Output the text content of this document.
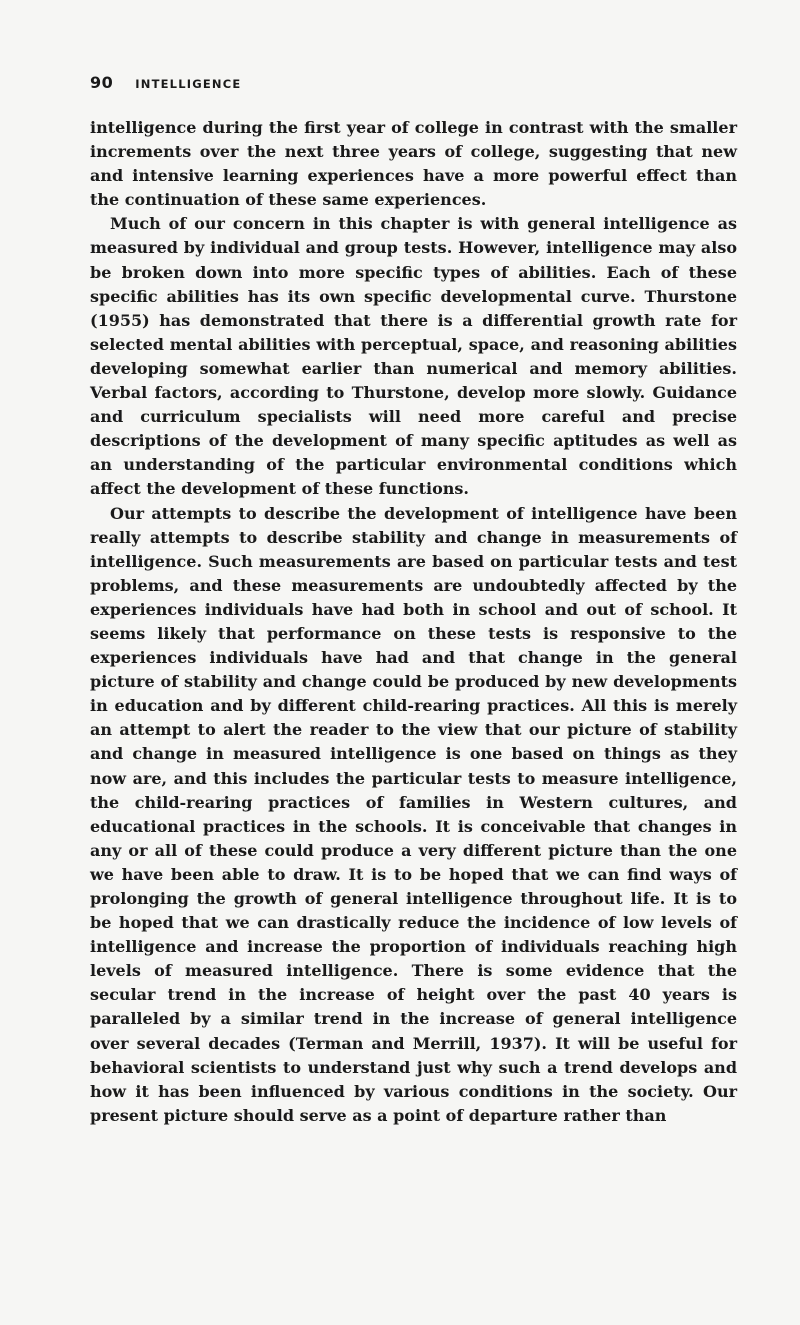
90 INTELLIGENCE

intelligence during the first year of college in contrast with the smaller increments over the next three years of college, suggesting that new and intensive learning experiences have a more powerful effect than the continuation of these same experiences.

Much of our concern in this chapter is with general intelligence as measured by individual and group tests. However, intelligence may also be broken down into more specific types of abilities. Each of these specific abilities has its own specific developmental curve. Thurstone (1955) has demonstrated that there is a differential growth rate for selected mental abilities with perceptual, space, and reasoning abilities developing somewhat earlier than numerical and memory abilities. Verbal factors, according to Thurstone, develop more slowly. Guidance and curriculum specialists will need more careful and precise descriptions of the development of many specific aptitudes as well as an understanding of the particular environmental conditions which affect the development of these functions.

Our attempts to describe the development of intelligence have been really attempts to describe stability and change in measurements of intelligence. Such measurements are based on particular tests and test problems, and these measurements are undoubtedly affected by the experiences individuals have had both in school and out of school. It seems likely that performance on these tests is responsive to the experiences individuals have had and that change in the general picture of stability and change could be produced by new developments in education and by different child-rearing practices. All this is merely an attempt to alert the reader to the view that our picture of stability and change in measured intelligence is one based on things as they now are, and this includes the particular tests to measure intelligence, the child-rearing practices of families in Western cultures, and educational practices in the schools. It is conceivable that changes in any or all of these could produce a very different picture than the one we have been able to draw. It is to be hoped that we can find ways of prolonging the growth of general intelligence throughout life. It is to be hoped that we can drastically reduce the incidence of low levels of intelligence and increase the proportion of individuals reaching high levels of measured intelligence. There is some evidence that the secular trend in the increase of height over the past 40 years is paralleled by a similar trend in the increase of general intelligence over several decades (Terman and Merrill, 1937). It will be useful for behavioral scientists to understand just why such a trend develops and how it has been influenced by various conditions in the society. Our present picture should serve as a point of departure rather than
